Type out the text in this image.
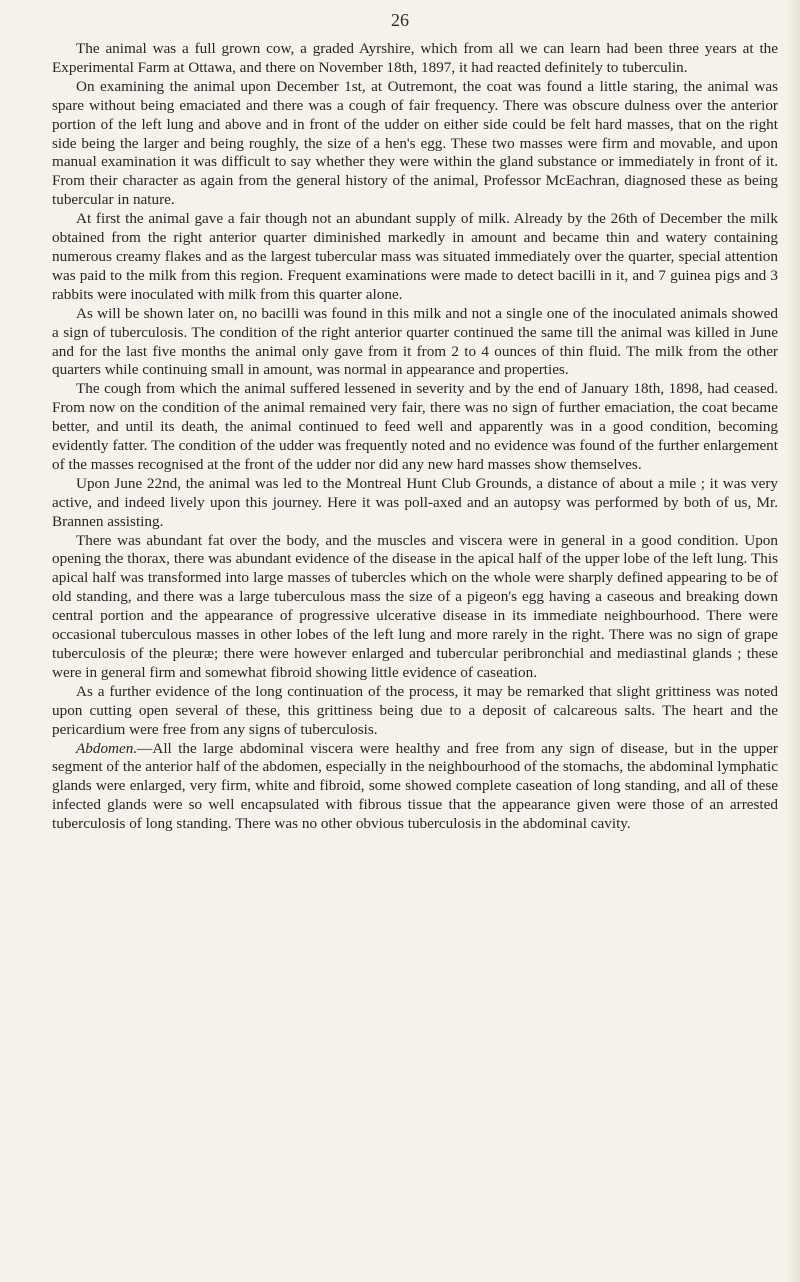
26

The animal was a full grown cow, a graded Ayrshire, which from all we can learn had been three years at the Experimental Farm at Ottawa, and there on November 18th, 1897, it had reacted definitely to tuberculin.

On examining the animal upon December 1st, at Outremont, the coat was found a little staring, the animal was spare without being emaciated and there was a cough of fair frequency. There was obscure dulness over the anterior portion of the left lung and above and in front of the udder on either side could be felt hard masses, that on the right side being the larger and being roughly, the size of a hen's egg. These two masses were firm and movable, and upon manual examination it was difficult to say whether they were within the gland substance or immediately in front of it. From their character as again from the general history of the animal, Professor McEachran, diagnosed these as being tubercular in nature.

At first the animal gave a fair though not an abundant supply of milk. Already by the 26th of December the milk obtained from the right anterior quarter diminished markedly in amount and became thin and watery containing numerous creamy flakes and as the largest tubercular mass was situated immediately over the quarter, special attention was paid to the milk from this region. Frequent examinations were made to detect bacilli in it, and 7 guinea pigs and 3 rabbits were inoculated with milk from this quarter alone.

As will be shown later on, no bacilli was found in this milk and not a single one of the inoculated animals showed a sign of tuberculosis. The condition of the right anterior quarter continued the same till the animal was killed in June and for the last five months the animal only gave from it from 2 to 4 ounces of thin fluid. The milk from the other quarters while continuing small in amount, was normal in appearance and properties.

The cough from which the animal suffered lessened in severity and by the end of January 18th, 1898, had ceased. From now on the condition of the animal remained very fair, there was no sign of further emaciation, the coat became better, and until its death, the animal continued to feed well and apparently was in a good condition, becoming evidently fatter. The condition of the udder was frequently noted and no evidence was found of the further enlargement of the masses recognised at the front of the udder nor did any new hard masses show themselves.

Upon June 22nd, the animal was led to the Montreal Hunt Club Grounds, a distance of about a mile ; it was very active, and indeed lively upon this journey. Here it was poll-axed and an autopsy was performed by both of us, Mr. Brannen assisting.

There was abundant fat over the body, and the muscles and viscera were in general in a good condition. Upon opening the thorax, there was abundant evidence of the disease in the apical half of the upper lobe of the left lung. This apical half was transformed into large masses of tubercles which on the whole were sharply defined appearing to be of old standing, and there was a large tuberculous mass the size of a pigeon's egg having a caseous and breaking down central portion and the appearance of progressive ulcerative disease in its immediate neighbourhood. There were occasional tuberculous masses in other lobes of the left lung and more rarely in the right. There was no sign of grape tuberculosis of the pleuræ; there were however enlarged and tubercular peribronchial and mediastinal glands ; these were in general firm and somewhat fibroid showing little evidence of caseation.

As a further evidence of the long continuation of the process, it may be remarked that slight grittiness was noted upon cutting open several of these, this grittiness being due to a deposit of calcareous salts. The heart and the pericardium were free from any signs of tuberculosis.

Abdomen.—All the large abdominal viscera were healthy and free from any sign of disease, but in the upper segment of the anterior half of the abdomen, especially in the neighbourhood of the stomachs, the abdominal lymphatic glands were enlarged, very firm, white and fibroid, some showed complete caseation of long standing, and all of these infected glands were so well encapsulated with fibrous tissue that the appearance given were those of an arrested tuberculosis of long standing. There was no other obvious tuberculosis in the abdominal cavity.
